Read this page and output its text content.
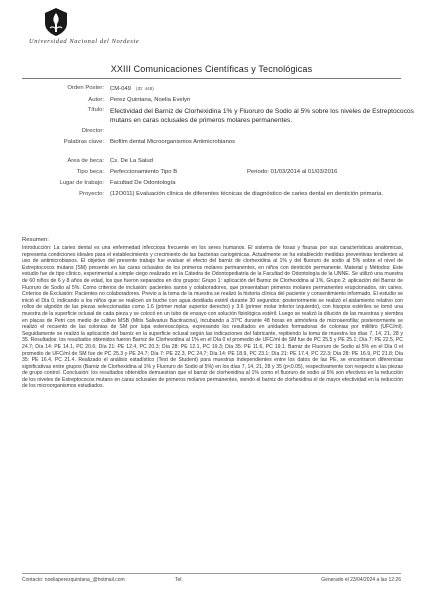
Universidad Nacional del Nordeste
XXIII Comunicaciones Científicas y Tecnológicas
Orden Poster: CM-049 (ID: 448)
Autor: Perez Quintana, Noelia Evelyn
Título: Efectividad del Barniz de Clorhexidina 1% y Fluoruro de Sodio al 5% sobre los niveles de Estreptococos mutans en caras oclusales de primeros molares permanentes.
Director:
Palabras clave: Biofilm dental Microorganismos Antimicrobianos
Área de beca: Cs. De La Salud
Tipo beca: Perfeccionamiento Tipo B	Periodo: 01/03/2014 al 01/03/2016
Lugar de trabajo: Facultad De Odontología
Proyecto: (12O011) Evaluación clínica de diferentes técnicas de diagnóstico de caries dental en dentición primaria.
Resumen:
Introducción: La caries dental es una enfermedad infecciosa frecuente en los seres humanos. El sistema de fosas y fisuras por sus características anatómicas, representa condiciones ideales para el establecimiento y crecimiento de las bacterias cariogénicas. Actualmente se ha establecido medidas preventivas tendientes al uso de antimicrobianos. El objetivo del presente trabajo fue evaluar el efecto del barniz de clorhexidina al 1% y del fluoruro de sodio al 5% sobre el nivel de Estreptococos mutans (SM) presente en las caras oclusales de los primeros molares permanentes, en niños con dentición permanente. Material y Métodos: Este estudio fue de tipo clínico, experimental a simple ciego realizado en la Cátedra de Odontopediatría de la Facultad de Odontología de la UNNE. Se utilizó una muestra de 60 niños de 6 y 8 años de edad, los que fueron separados en dos grupos: Grupo 1: aplicación del Barniz de Clorhexidina al 1%, Grupo 2: aplicación del Barniz de Fluoruro de Sodio al 5%. Como criterios de inclusión: pacientes sanos y colaboradores, que presentaban primeros molares permanentes erupcionados, sin caries. Criterios de Exclusión: Pacientes no colaboradores. Previo a la toma de la muestra se realizó la historia clínica del paciente y consentimiento informado. El estudio se inició el Día 0, indicando a los niños que se realicen un buche con agua destilada estéril durante 30 segundos; posteriormente se realizó el aislamiento relativo con rollos de algodón de las piezas seleccionadas como 1.6 (primer molar superior derecho) y 3.6 (primer molar inferior izquierdo), con hisopos estériles se tomó una muestra de la superficie oclusal de cada pieza y se colocó en un tubo de ensayo con solución fisiológica estéril. Luego se realizó la dilución de las muestras y siembra en placas de Petri con medio de cultivo MSB (Mitis Salivarius Bacitracina), incubando a 37ºC durante 48 horas en atmósfera de microaerofilia; posteriormente se realizó el recuento de las colonias de SM por lupa estereoscópica, expresando los resultados en unidades formadoras de colonias por mililitro (UFC/ml). Seguidamente se realizó la aplicación del barniz en la superficie oclusal según las indicaciones del fabricante, repitiendo la toma de muestra los días 7, 14, 21, 28 y 35. Resultados: los resultados obtenidos fueron Barniz de Clorhexidina al 1% en el Día 0 el promedio de UFC/ml de SM fue de PC 25.5 y PE 25.1; Día 7: PE 22.5, PC 24.7; Día 14: PE 14.1, PC 20.6; Día 21: PE 12.4, PC 20.3; Día 28: PE 12.1, PC 19.3; Día 35: PE 11.6, PC 19.1. Barniz de Fluoruro de Sodio al 5% en el Día 0 el promedio de UFC/ml de SM fue de PC 25.3 y PE 24.7; Día 7: PE 22.3, PC 24.7; Día 14: PE 18.9, PC 23.1; Día 21: PE 17.4, PC 22.3; Día 28: PE 16.9, PC 21.8; Día 35: PE 16.4, PC 21.4. Realizado el análisis estadístico (Test de Student) para muestras independientes entre los datos de las PE, se encontraron diferencias significativas entre grupos (Barniz de Clorhexidina al 1% y Fluoruro de Sodio al 5%) en los días 7, 14, 21, 28 y 35 (p<0.05), respectivamente con respecto a las piezas de grupo control. Conclusión: los resultados obtenidos demuestran que el barniz de clorhexidina al 1% como el fluoruro de sodio al 5% son efectivos en la reducción de los niveles de Estreptococos mutans en caras oclusales de primeros molares permanentes, siendo el barniz de clorhexidina el de mayor efectividad en la reducción de los microorganismos estudiados.
Contacto: noeliaperezquintana_@hotmail.com	Tel:	Generado el 23/04/2024 a las 12:26
